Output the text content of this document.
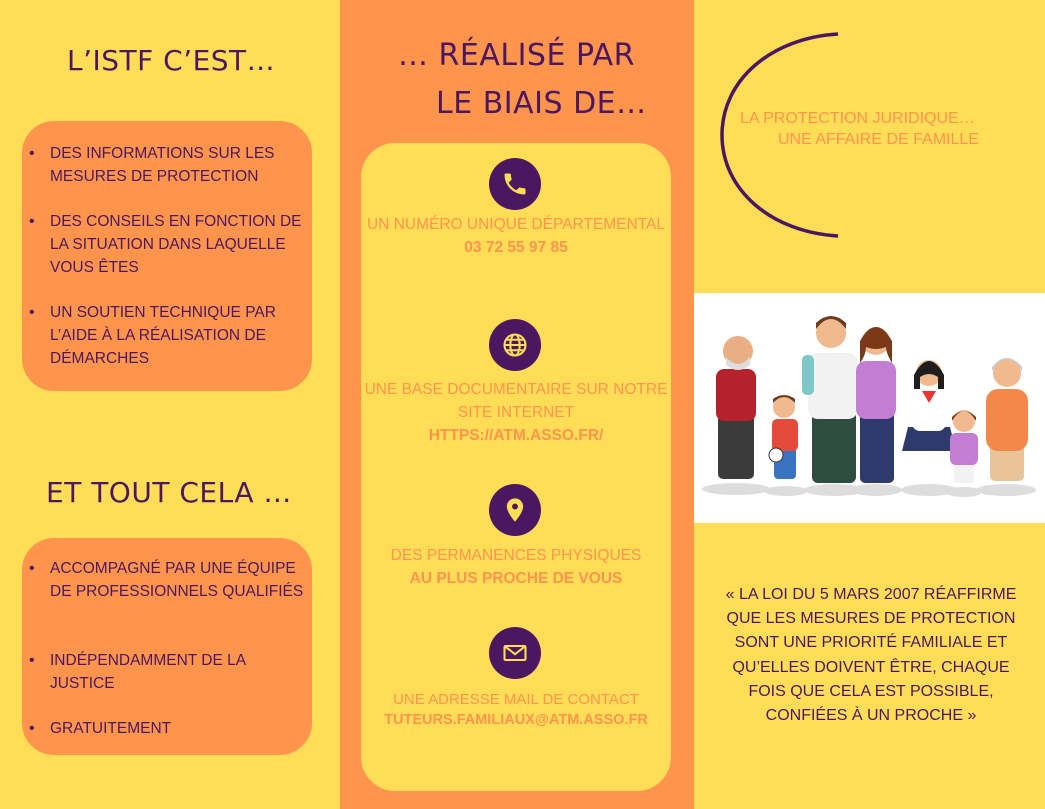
L’ISTF C’EST…
• DES INFORMATIONS SUR LES MESURES DE PROTECTION
• DES CONSEILS EN FONCTION DE LA SITUATION DANS LAQUELLE VOUS ÊTES
• UN SOUTIEN TECHNIQUE PAR L’AIDE À LA RÉALISATION DE DÉMARCHES
ET TOUT CELA …
• ACCOMPAGNÉ PAR UNE ÉQUIPE DE PROFESSIONNELS QUALIFIÉS
• INDÉPENDAMMENT DE LA JUSTICE
• GRATUITEMENT
… RÉALISÉ PAR
LE BIAIS DE…
UN NUMÉRO UNIQUE DÉPARTEMENTAL
03 72 55 97 85
UNE BASE DOCUMENTAIRE SUR NOTRE SITE INTERNET
HTTPS://ATM.ASSO.FR/
DES PERMANENCES PHYSIQUES
AU PLUS PROCHE DE VOUS
UNE ADRESSE MAIL DE CONTACT
TUTEURS.FAMILIAUX@ATM.ASSO.FR
LA PROTECTION JURIDIQUE…
UNE AFFAIRE DE FAMILLE
« LA LOI DU 5 MARS 2007 RÉAFFIRME QUE LES MESURES DE PROTECTION SONT UNE PRIORITÉ FAMILIALE ET QU’ELLES DOIVENT ÊTRE, CHAQUE FOIS QUE CELA EST POSSIBLE, CONFIÉES À UN PROCHE »
